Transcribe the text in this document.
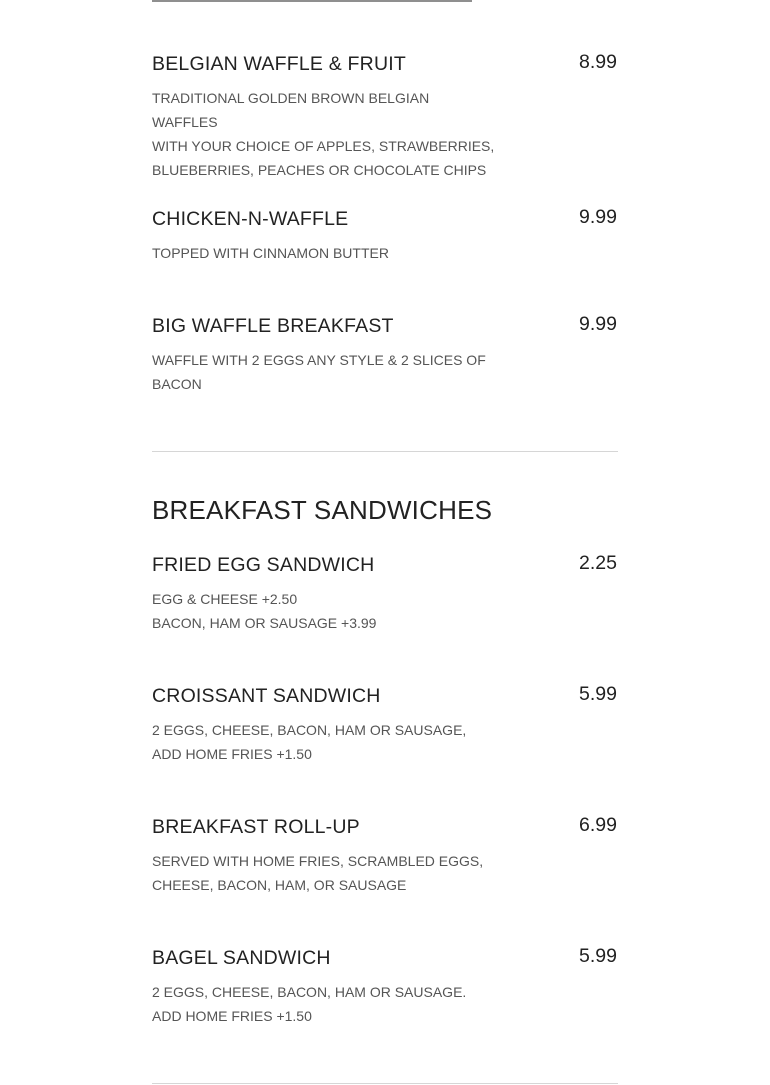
BELGIAN WAFFLE & FRUIT	8.99
TRADITIONAL GOLDEN BROWN BELGIAN WAFFLES
WITH YOUR CHOICE OF APPLES, STRAWBERRIES,
BLUEBERRIES, PEACHES OR CHOCOLATE CHIPS
CHICKEN-N-WAFFLE	9.99
TOPPED WITH CINNAMON BUTTER
BIG WAFFLE BREAKFAST	9.99
WAFFLE WITH 2 EGGS ANY STYLE & 2 SLICES OF
BACON
BREAKFAST SANDWICHES
FRIED EGG SANDWICH	2.25
EGG & CHEESE +2.50
BACON, HAM OR SAUSAGE +3.99
CROISSANT SANDWICH	5.99
2 EGGS, CHEESE, BACON, HAM OR SAUSAGE,
ADD HOME FRIES +1.50
BREAKFAST ROLL-UP	6.99
SERVED WITH HOME FRIES, SCRAMBLED EGGS,
CHEESE, BACON, HAM, OR SAUSAGE
BAGEL SANDWICH	5.99
2 EGGS, CHEESE, BACON, HAM OR SAUSAGE.
ADD HOME FRIES +1.50
